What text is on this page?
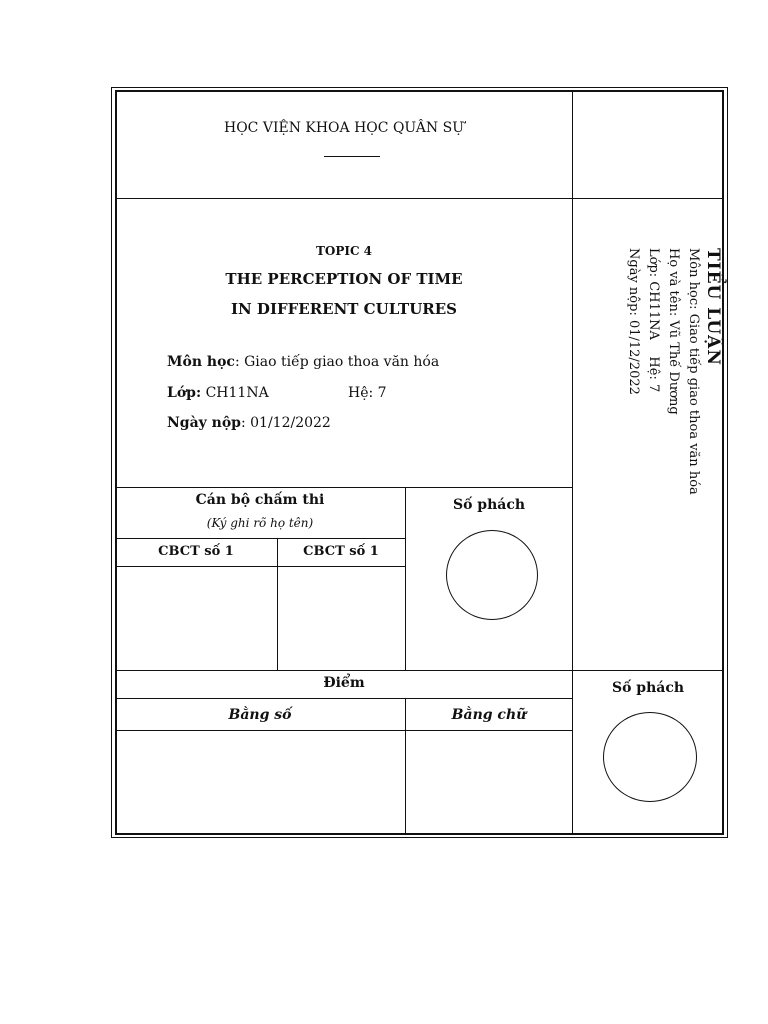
HỌC VIỆN KHOA HỌC QUÂN SỰ
TOPIC 4
THE PERCEPTION OF TIME
IN DIFFERENT CULTURES
Môn học: Giao tiếp giao thoa văn hóa
Lớp: CH11NA	Hệ: 7
Ngày nộp: 01/12/2022
Cán bộ chấm thi
(Ký ghi rõ họ tên)
CBCT số 1	CBCT số 1
Số phách
Điểm
Bằng số	Bằng chữ
Số phách
TIỂU LUẬN
Môn học: Giao tiếp giao thoa văn hóa
Họ và tên: Vũ Thế Dương
Lớp: CH11NA    Hệ: 7
Ngày nộp: 01/12/2022
